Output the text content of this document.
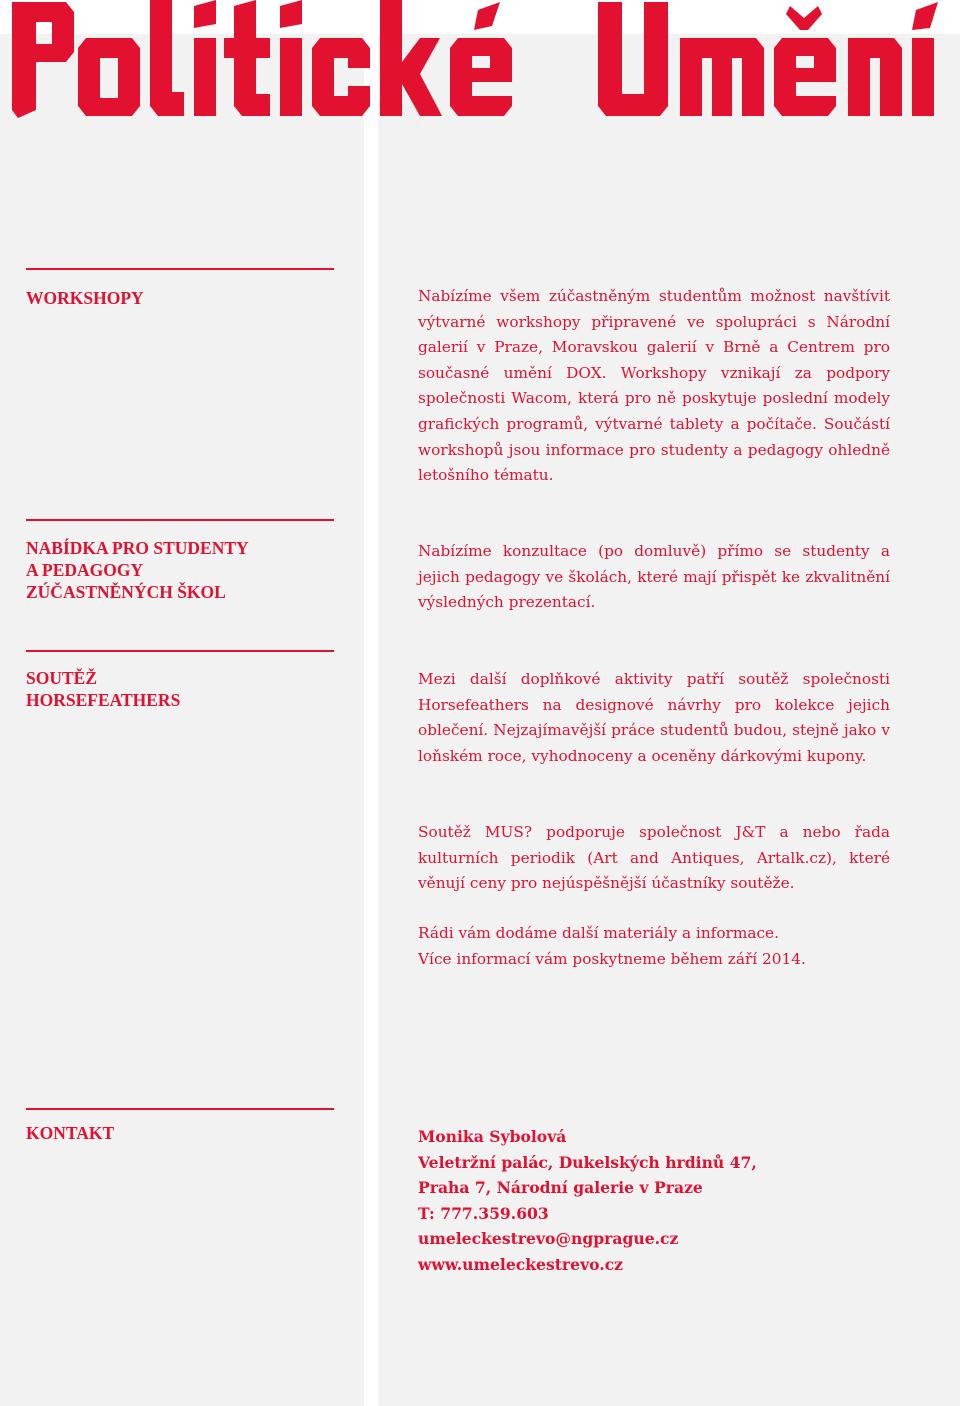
WORKSHOPY	Nabízíme všem zúčastněným studentům možnost navštívit výtvarné workshopy připravené ve spolupráci s Národní galerií v Praze, Moravskou galerií v Brně a Centrem pro současné umění DOX. Workshopy vznikají za podpory společnosti Wacom, která pro ně poskytuje poslední modely grafických programů, výtvarné tablety a počítače. Součástí workshopů jsou informace pro studenty a pedagogy ohledně letošního tématu.

NABÍDKA PRO STUDENTY
A PEDAGOGY
ZÚČASTNĚNÝCH ŠKOL

Nabízíme konzultace (po domluvě) přímo se studenty a jejich pedagogy ve školách, které mají přispět ke zkvalitnění výsledných prezentací.

SOUTĚŽ
HORSEFEATHERS

Mezi další doplňkové aktivity patří soutěž společnosti Horsefeathers na designové návrhy pro kolekce jejich oblečení. Nejzajímavější práce studentů budou, stejně jako v loňském roce, vyhodnoceny a oceněny dárkovými kupony.

Soutěž MUS? podporuje společnost J&T a nebo řada kulturních periodik (Art and Antiques, Artalk.cz), které věnují ceny pro nejúspěšnější účastníky soutěže.

Rádi vám dodáme další materiály a informace.

Více informací vám poskytneme během září 2014.

KONTAKT	Monika Sybolová
Veletržní palác, Dukelských hrdinů 47,
Praha 7, Národní galerie v Praze
T: 777.359.603
umeleckestrevo@ngprague.cz
www.umeleckestrevo.cz
